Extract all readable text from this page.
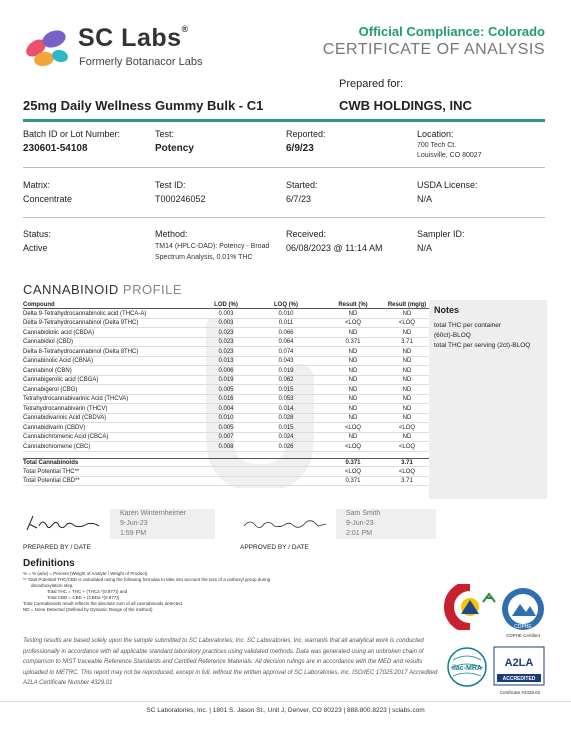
SC Labs®
Formerly Botanacor Labs
Official Compliance: Colorado
CERTIFICATE OF ANALYSIS
Prepared for:
25mg Daily Wellness Gummy Bulk - C1	CWB HOLDINGS, INC
Batch ID or Lot Number:
230601-54108
Test:
Potency
Reported:
6/9/23
Location:
700 Tech Ct.
Louisville, CO 80027
Matrix:
Concentrate
Test ID:
T000246052
Started:
6/7/23
USDA License:
N/A
Status:
Active
Method:
TM14 (HPLC-DAD): Potency - Broad
Spectrum Analysis, 0.01% THC
Received:
06/08/2023 @ 11:14 AM
Sampler ID:
N/A
CANNABINOID PROFILE
Notes
total THC per container
(60ct)-BLOQ
total THC per serving (2ct)-BLOQ
Compound	LOD (%)	LOQ (%)	Result (%)	Result (mg/g)
Delta 9-Tetrahydrocannabinolic acid (THCA-A)	0.003	0.010	ND	ND
Delta 9-Tetrahydrocannabinol (Delta 9THC)	0.003	0.011	<LOQ	<LOQ
Cannabidiolic acid (CBDA)	0.023	0.066	ND	ND
Cannabidiol (CBD)	0.023	0.064	0.371	3.71
Delta 8-Tetrahydrocannabinol (Delta 8THC)	0.023	0.074	ND	ND
Cannabinolic Acid (CBNA)	0.013	0.043	ND	ND
Cannabinol (CBN)	0.006	0.019	ND	ND
Cannabigerolic acid (CBGA)	0.019	0.062	ND	ND
Cannabigerol (CBG)	0.005	0.015	ND	ND
Tetrahydrocannabivarinic Acid (THCVA)	0.016	0.053	ND	ND
Tetrahydrocannabivarin (THCV)	0.004	0.014	ND	ND
Cannabidivarinic Acid (CBDVA)	0.010	0.028	ND	ND
Cannabidivarin (CBDV)	0.005	0.015	<LOQ	<LOQ
Cannabichromenic Acid (CBCA)	0.007	0.024	ND	ND
Cannabichromene (CBC)	0.008	0.026	<LOQ	<LOQ
Total Cannabinoids	0.371	3.71
Total Potential THC**	<LOQ	<LOQ
Total Potential CBD**	0.371	3.71
Karen Winternheimer
9-Jun-23
1:59 PM
PREPARED BY / DATE
Sam Smith
9-Jun-23
2:01 PM
APPROVED BY / DATE
Definitions
% = % (w/w) = Percent (Weight of Analyte / Weight of Product)
** Total Potential THC/CBD is calculated using the following formulas to take into account the loss of a carboxyl group during
decarboxylation step.
Total THC = THC + (THCa *(0.877)) and
Total CBD = CBD + (CBDa *(0.877))
Total Cannabinoids result reflects the absolute sum of all cannabinoids detected.
ND = None Detected (Defined by Dynamic Range of the method)
CDPHE
CDPHE Certified
ilac-MRA A2LA
ACCREDITED
Certificate #4329.02
Testing results are based solely upon the sample submitted to SC Laboratories, Inc. SC Laboratories, Inc. warrants that all analytical work is conducted professionally in accordance with all applicable standard laboratory practices using validated methods. Data was generated using an unbroken chain of comparison to NIST traceable Reference Standards and Certified Reference Materials. All decision rulings are in accordance with the MED and results uploaded to METRC. This report may not be reproduced, except in full, without the written approval of SC Laboratories, Inc. ISO/IEC 17025:2017 Accredited A2LA Certificate Number 4329.01
SC Laboratories, Inc. | 1801 S. Jason St., Unit J, Denver, CO 80223 | 888.800.8223 | sclabs.com
